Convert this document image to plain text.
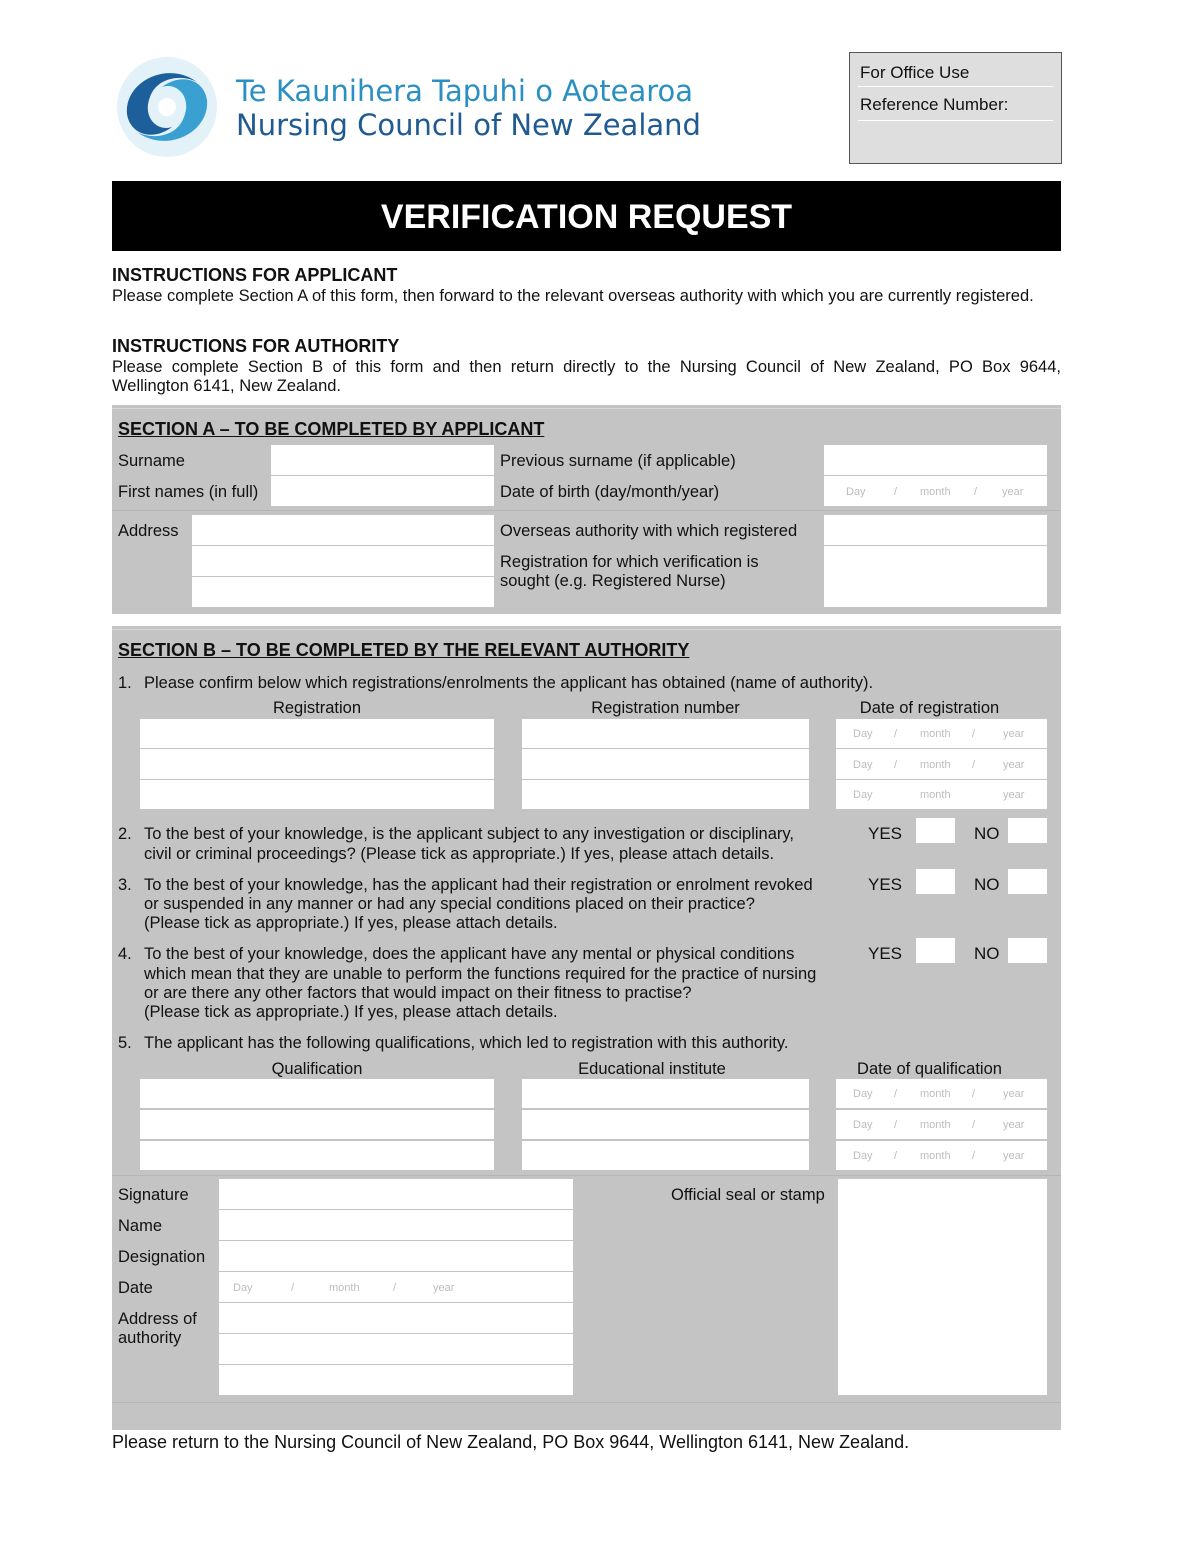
Te Kaunihera Tapuhi o Aotearoa
Nursing Council of New Zealand
For Office Use
Reference Number:
VERIFICATION REQUEST
INSTRUCTIONS FOR APPLICANT
Please complete Section A of this form, then forward to the relevant overseas authority with which you are currently registered.
INSTRUCTIONS FOR AUTHORITY
Please complete Section B of this form and then return directly to the Nursing Council of New Zealand, PO Box 9644,
Wellington 6141, New Zealand.
SECTION A – TO BE COMPLETED BY APPLICANT
Surname	Previous surname (if applicable)
First names (in full)	Date of birth (day/month/year)	Day	/ month / year
Address	Overseas authority with which registered
Registration for which verification is
sought (e.g. Registered Nurse)
SECTION B – TO BE COMPLETED BY THE RELEVANT AUTHORITY
1. Please confirm below which registrations/enrolments the applicant has obtained (name of authority).
Registration	Registration number	Date of registration
Day / month /	year
Day / month /	year
Day	month	year
2. To the best of your knowledge, is the applicant subject to any investigation or disciplinary,
civil or criminal proceedings? (Please tick as appropriate.) If yes, please attach details.
YES	NO
3. To the best of your knowledge, has the applicant had their registration or enrolment revoked
or suspended in any manner or had any special conditions placed on their practice?
(Please tick as appropriate.) If yes, please attach details.
YES	NO
4. To the best of your knowledge, does the applicant have any mental or physical conditions
which mean that they are unable to perform the functions required for the practice of nursing
or are there any other factors that would impact on their fitness to practise?
(Please tick as appropriate.) If yes, please attach details.
YES	NO
5. The applicant has the following qualifications, which led to registration with this authority.
Qualification	Educational institute	Date of qualification
Day / month /	year
Day / month /	year
Day / month /	year
Signature
Name
Designation
Date	Day	/	month	/	year
Address of
authority
Official seal or stamp
Please return to the Nursing Council of New Zealand, PO Box 9644, Wellington 6141, New Zealand.
